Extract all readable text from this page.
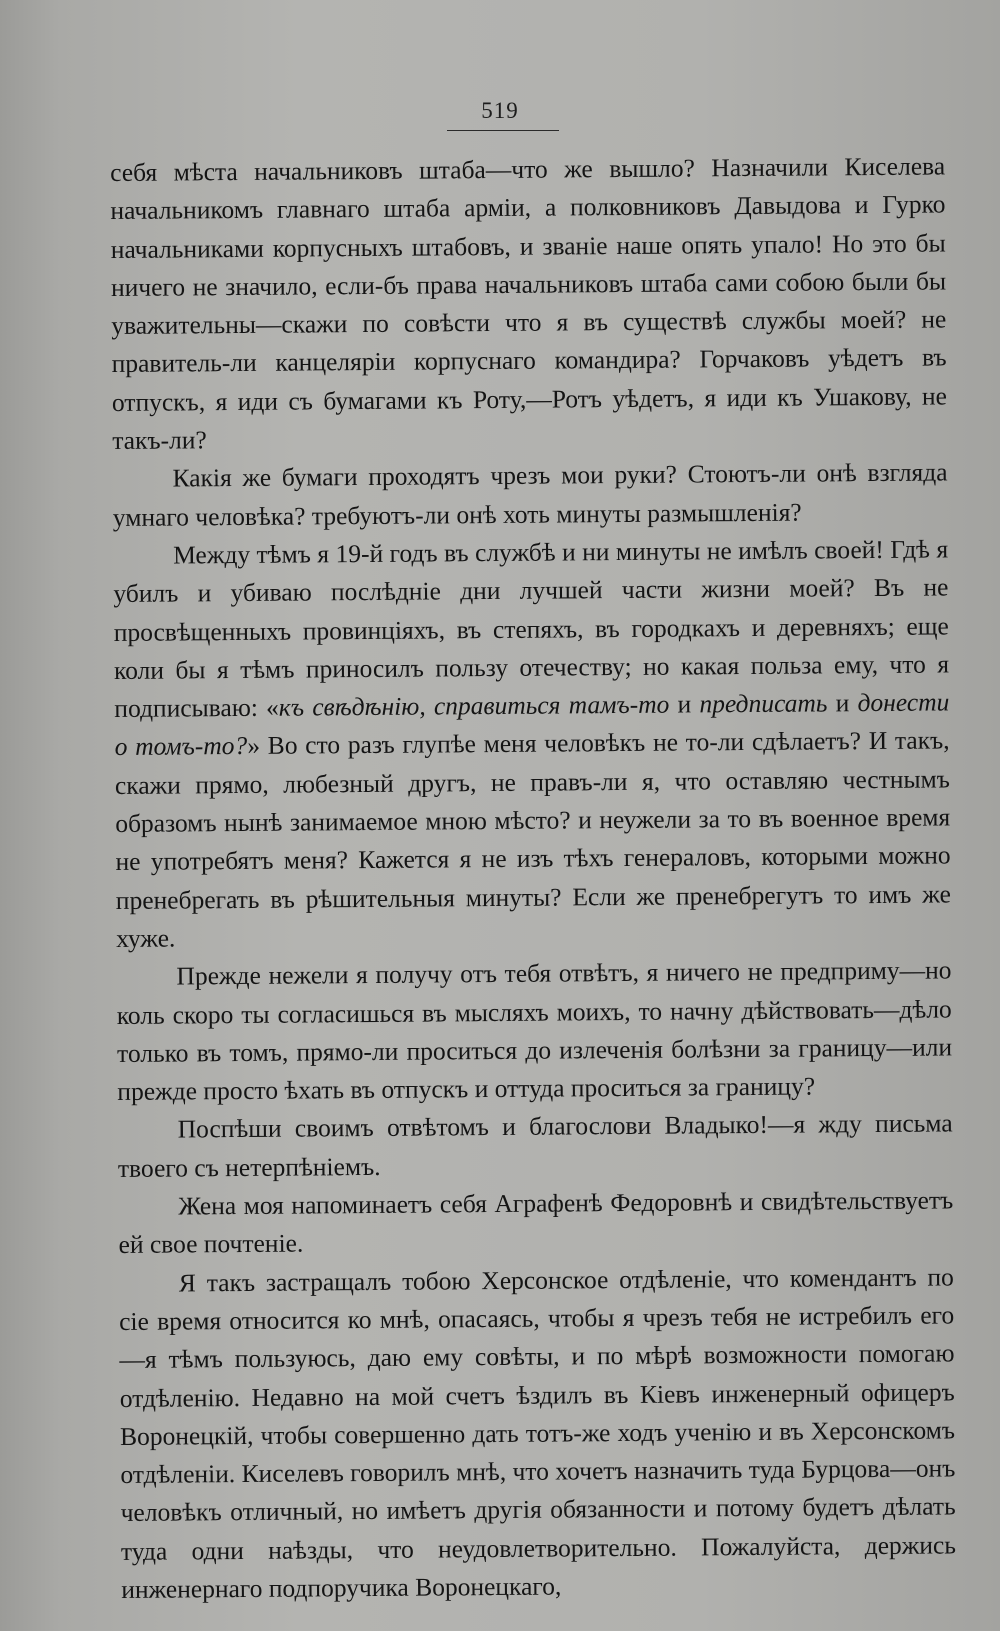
519

себя мѣста начальниковъ штаба—что же вышло? Назначили Киселева начальникомъ главнаго штаба арміи, а полковниковъ Давыдова и Гурко начальниками корпусныхъ штабовъ, и званіе наше опять упало! Но это бы ничего не значило, если-бъ права начальниковъ штаба сами собою были бы уважительны—скажи по совѣсти что я въ существѣ службы моей? не правитель-ли канцеляріи корпуснаго командира? Горчаковъ уѣдетъ въ отпускъ, я иди съ бумагами къ Роту,—Ротъ уѣдетъ, я иди къ Ушакову, не такъ-ли?

Какія же бумаги проходятъ чрезъ мои руки? Стоютъ-ли онѣ взгляда умнаго человѣка? требуютъ-ли онѣ хоть минуты размышленія?

Между тѣмъ я 19-й годъ въ службѣ и ни минуты не имѣлъ своей! Гдѣ я убилъ и убиваю послѣдніе дни лучшей части жизни моей? Въ не просвѣщенныхъ провинціяхъ, въ степяхъ, въ городкахъ и деревняхъ; еще коли бы я тѣмъ приносилъ пользу отечеству; но какая польза ему, что я подписываю: «къ свѣдѣнію, справиться тамъ-то и предписать и донести о томъ-то?» Во сто разъ глупѣе меня человѣкъ не то-ли сдѣлаетъ? И такъ, скажи прямо, любезный другъ, не правъ-ли я, что оставляю честнымъ образомъ нынѣ занимаемое мною мѣсто? и неужели за то въ военное время не употребятъ меня? Кажется я не изъ тѣхъ генераловъ, которыми можно пренебрегать въ рѣшительныя минуты? Если же пренебрегутъ то имъ же хуже.

Прежде нежели я получу отъ тебя отвѣтъ, я ничего не предприму—но коль скоро ты согласишься въ мысляхъ моихъ, то начну дѣйствовать—дѣло только въ томъ, прямо-ли проситься до излеченія болѣзни за границу—или прежде просто ѣхать въ отпускъ и оттуда проситься за границу?

Поспѣши своимъ отвѣтомъ и благослови Владыко!—я жду письма твоего съ нетерпѣніемъ.

Жена моя напоминаетъ себя Аграфенѣ Федоровнѣ и свидѣтельствуетъ ей свое почтеніе.

Я такъ застращалъ тобою Херсонское отдѣленіе, что комендантъ по сіе время относится ко мнѣ, опасаясь, чтобы я чрезъ тебя не истребилъ его—я тѣмъ пользуюсь, даю ему совѣты, и по мѣрѣ возможности помогаю отдѣленію. Недавно на мой счетъ ѣздилъ въ Кіевъ инженерный офицеръ Воронецкій, чтобы совершенно дать тотъ-же ходъ ученію и въ Херсонскомъ отдѣленіи. Киселевъ говорилъ мнѣ, что хочетъ назначить туда Бурцова—онъ человѣкъ отличный, но имѣетъ другія обязанности и потому будетъ дѣлать туда одни наѣзды, что неудовлетворительно. Пожалуйста, держись инженернаго подпоручика Воронецкаго,
